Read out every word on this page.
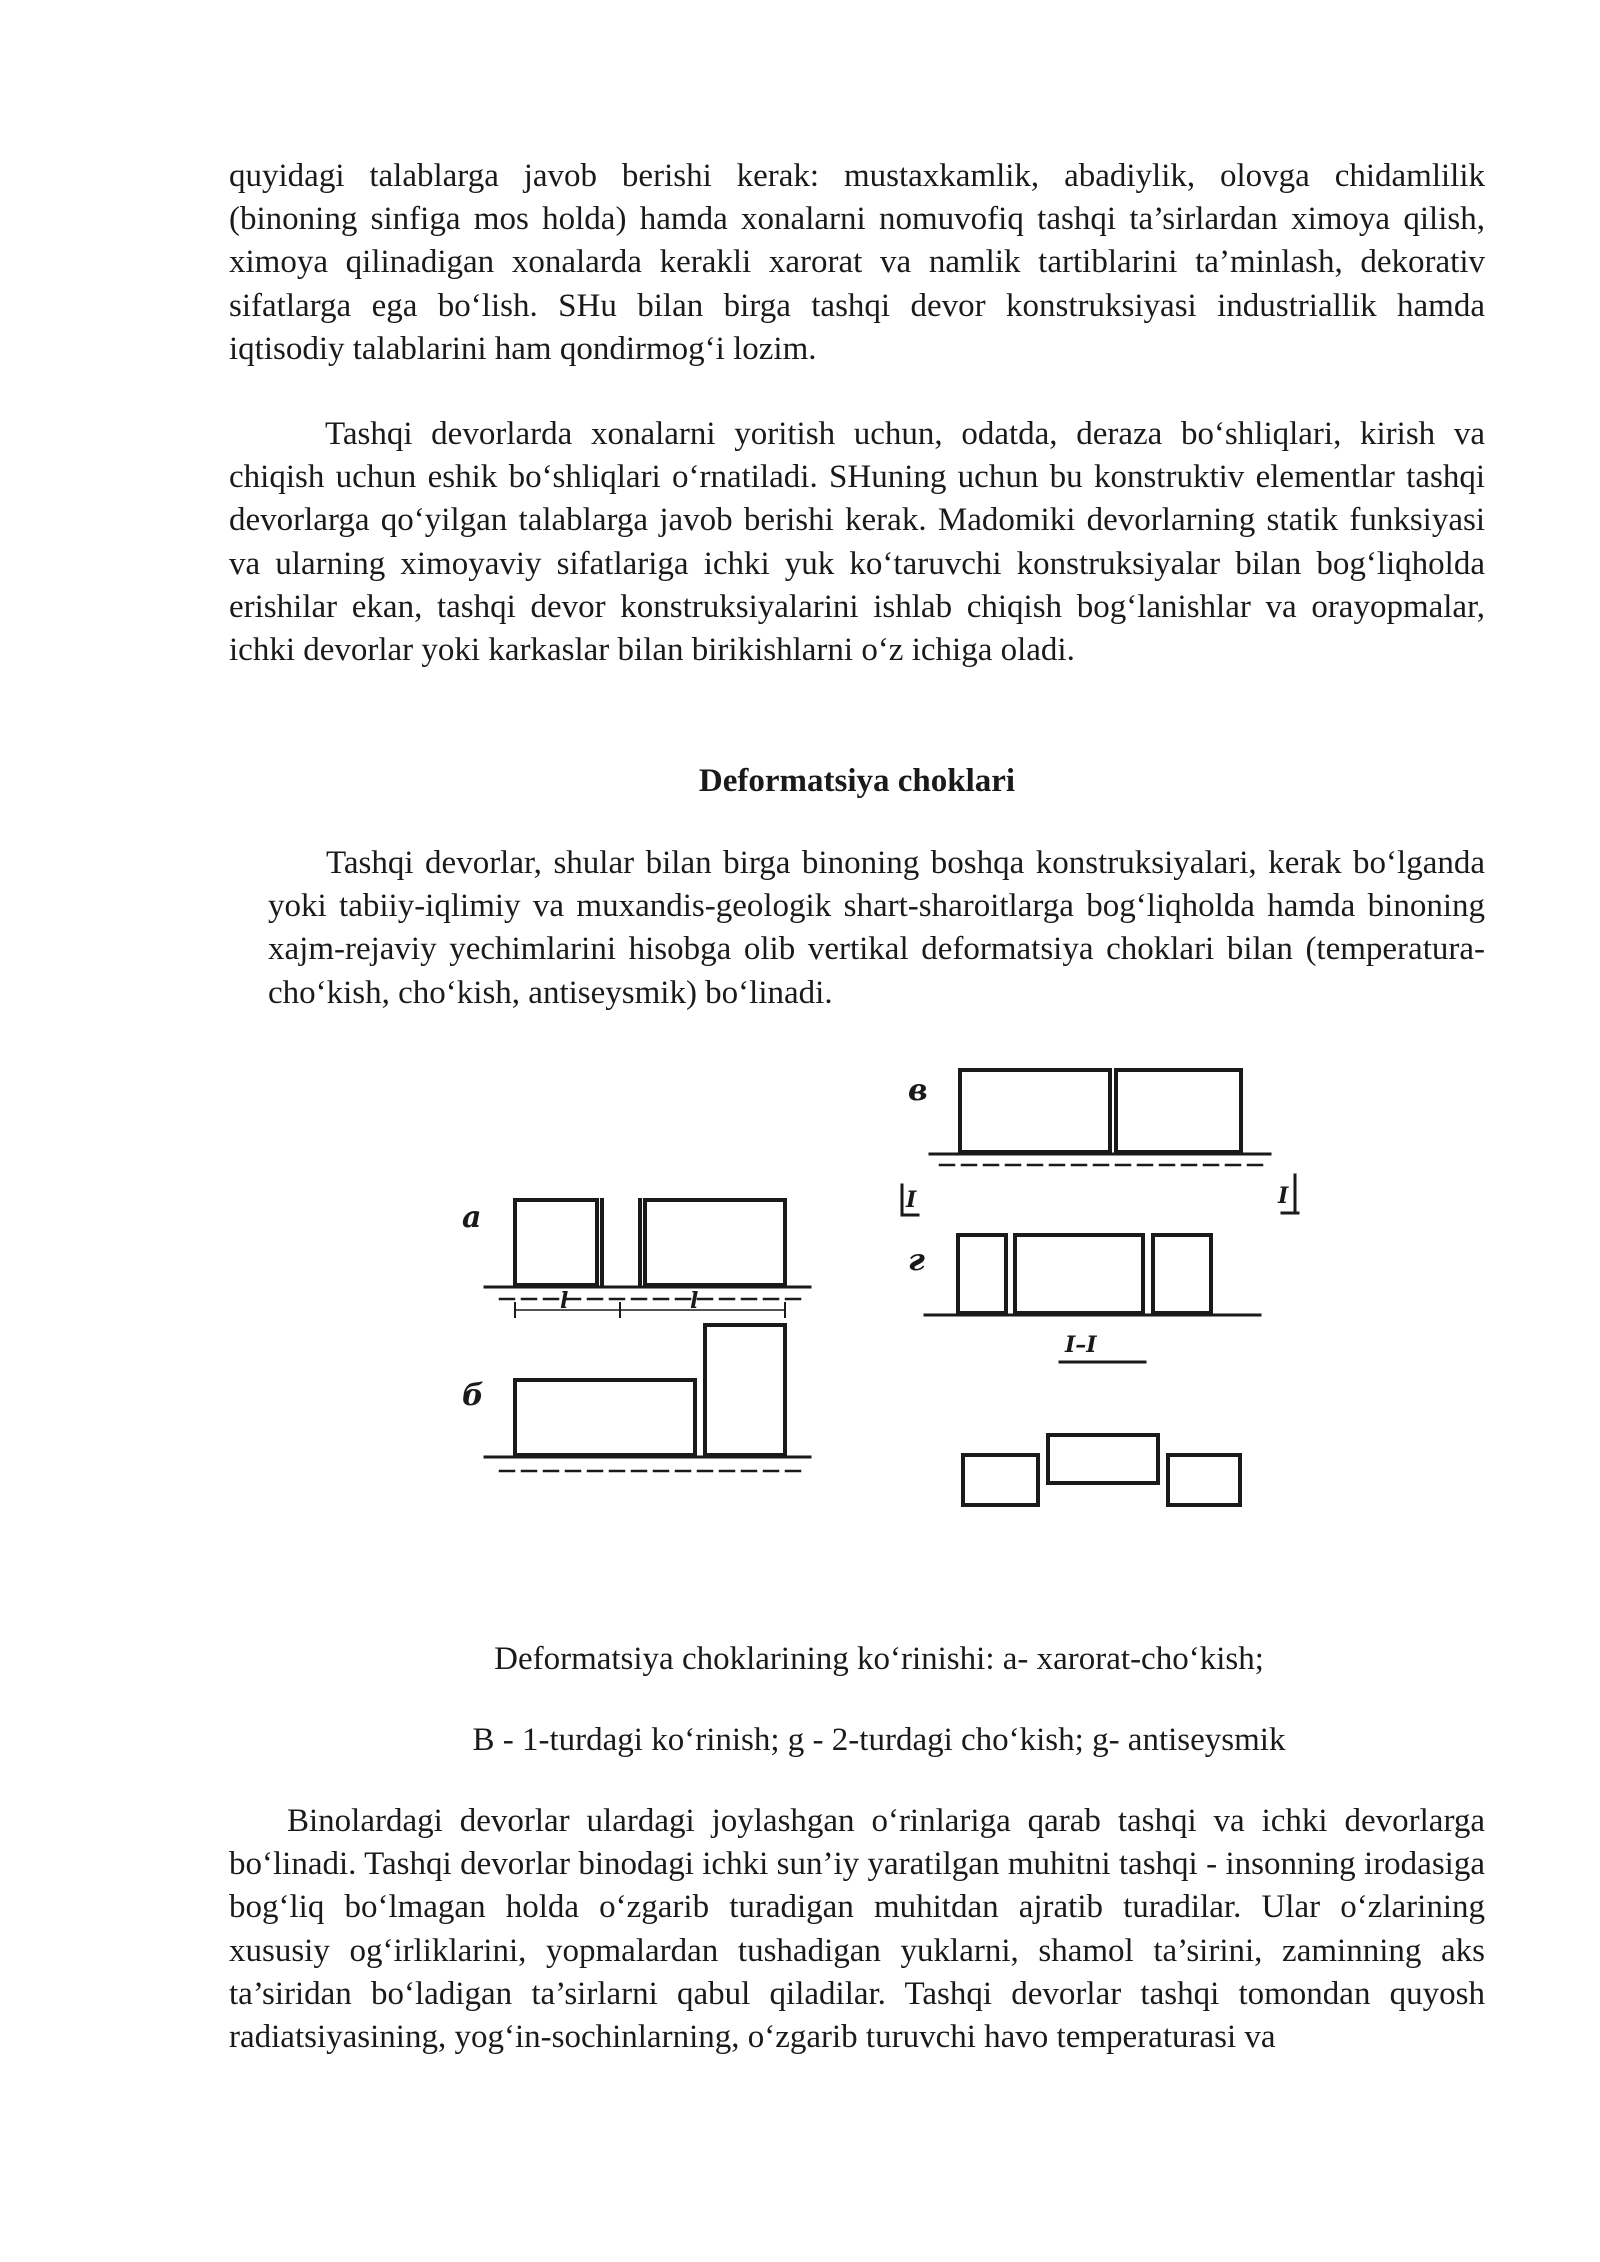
quyidagi talablarga javob berishi kerak: mustaxkamlik, abadiylik, olovga chidamlilik (binoning sinfiga mos holda) hamda xonalarni nomuvofiq tashqi ta’sirlardan ximoya qilish, ximoya qilinadigan xonalarda kerakli xarorat va namlik tartiblarini ta’minlash, dekorativ sifatlarga ega bo‘lish. SHu bilan birga tashqi devor konstruksiyasi industriallik hamda iqtisodiy talablarini ham qondirmog‘i lozim.

Tashqi devorlarda xonalarni yoritish uchun, odatda, deraza bo‘shliqlari, kirish va chiqish uchun eshik bo‘shliqlari o‘rnatiladi. SHuning uchun bu konstruktiv elementlar tashqi devorlarga qo‘yilgan talablarga javob berishi kerak. Madomiki devorlarning statik funksiyasi va ularning ximoyaviy sifatlariga ichki yuk ko‘taruvchi konstruksiyalar bilan bog‘liqholda erishilar ekan, tashqi devor konstruksiyalarini ishlab chiqish bog‘lanishlar va orayopmalar, ichki devorlar yoki karkaslar bilan birikishlarni o‘z ichiga oladi.

Deformatsiya choklari

Tashqi devorlar, shular bilan birga binoning boshqa konstruksiyalari, kerak bo‘lganda yoki tabiiy-iqlimiy va muxandis-geologik shart-sharoitlarga bog‘liqholda hamda binoning xajm-rejaviy yechimlarini hisobga olib vertikal deformatsiya choklari bilan (temperatura-cho‘kish, cho‘kish, antiseysmik) bo‘linadi.

a
б
в
г
I–I
l	l
I	I
Deformatsiya choklarining ko‘rinishi: a- xarorat-cho‘kish;
B - 1-turdagi ko‘rinish; g - 2-turdagi cho‘kish; g- antiseysmik

Binolardagi devorlar ulardagi joylashgan o‘rinlariga qarab tashqi va ichki devorlarga bo‘linadi. Tashqi devorlar binodagi ichki sun’iy yaratilgan muhitni tashqi - insonning irodasiga bog‘liq bo‘lmagan holda o‘zgarib turadigan muhitdan ajratib turadilar. Ular o‘zlarining xususiy og‘irliklarini, yopmalardan tushadigan yuklarni, shamol ta’sirini, zaminning aks ta’siridan bo‘ladigan ta’sirlarni qabul qiladilar. Tashqi devorlar tashqi tomondan quyosh radiatsiyasining, yog‘in-sochinlarning, o‘zgarib turuvchi havo temperaturasi va
